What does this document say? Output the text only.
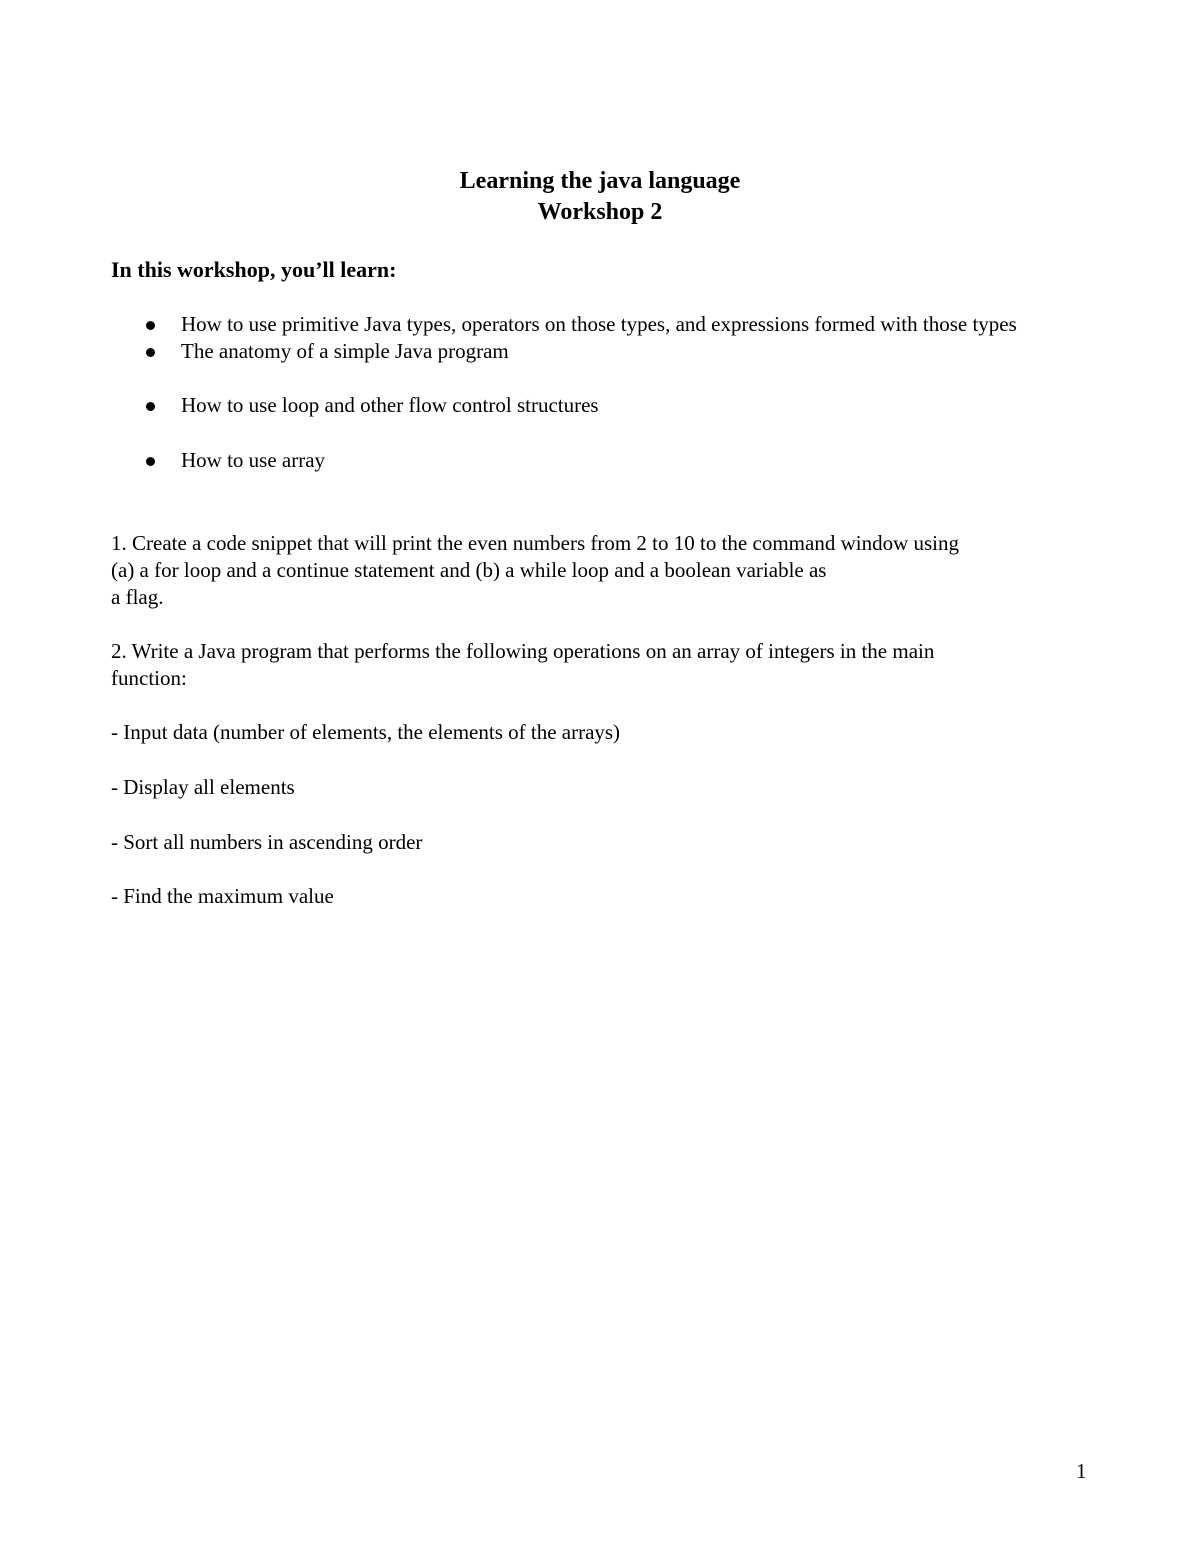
Learning the java language
Workshop 2
In this workshop, you’ll learn:
How to use primitive Java types, operators on those types, and expressions formed with those types
The anatomy of a simple Java program
How to use loop and other flow control structures
How to use array
1. Create a code snippet that will print the even numbers from 2 to 10 to the command window using
(a) a for loop and a continue statement and (b) a while loop and a boolean variable as
a flag.
2. Write a Java program that performs the following operations on an array of integers in the main
function:
- Input data (number of elements, the elements of the arrays)
- Display all elements
- Sort all numbers in ascending order
- Find the maximum value
1
